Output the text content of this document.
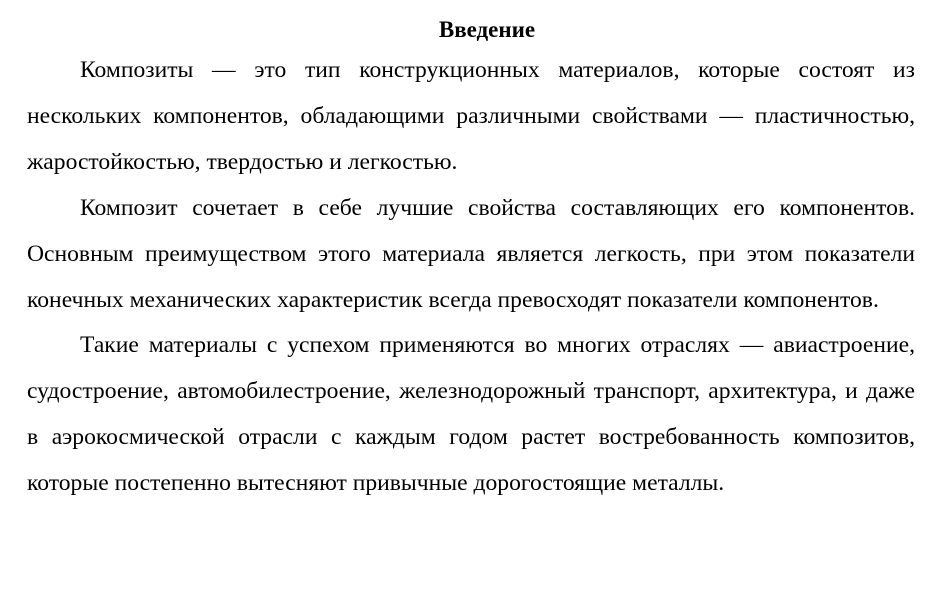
Введение

Композиты — это тип конструкционных материалов, которые состоят из нескольких компонентов, обладающими различными свойствами — пластичностью, жаростойкостью, твердостью и легкостью.

Композит сочетает в себе лучшие свойства составляющих его компонентов. Основным преимуществом этого материала является легкость, при этом показатели конечных механических характеристик всегда превосходят показатели компонентов.

Такие материалы с успехом применяются во многих отраслях — авиастроение, судостроение, автомобилестроение, железнодорожный транспорт, архитектура, и даже в аэрокосмической отрасли с каждым годом растет востребованность композитов, которые постепенно вытесняют привычные дорогостоящие металлы.
